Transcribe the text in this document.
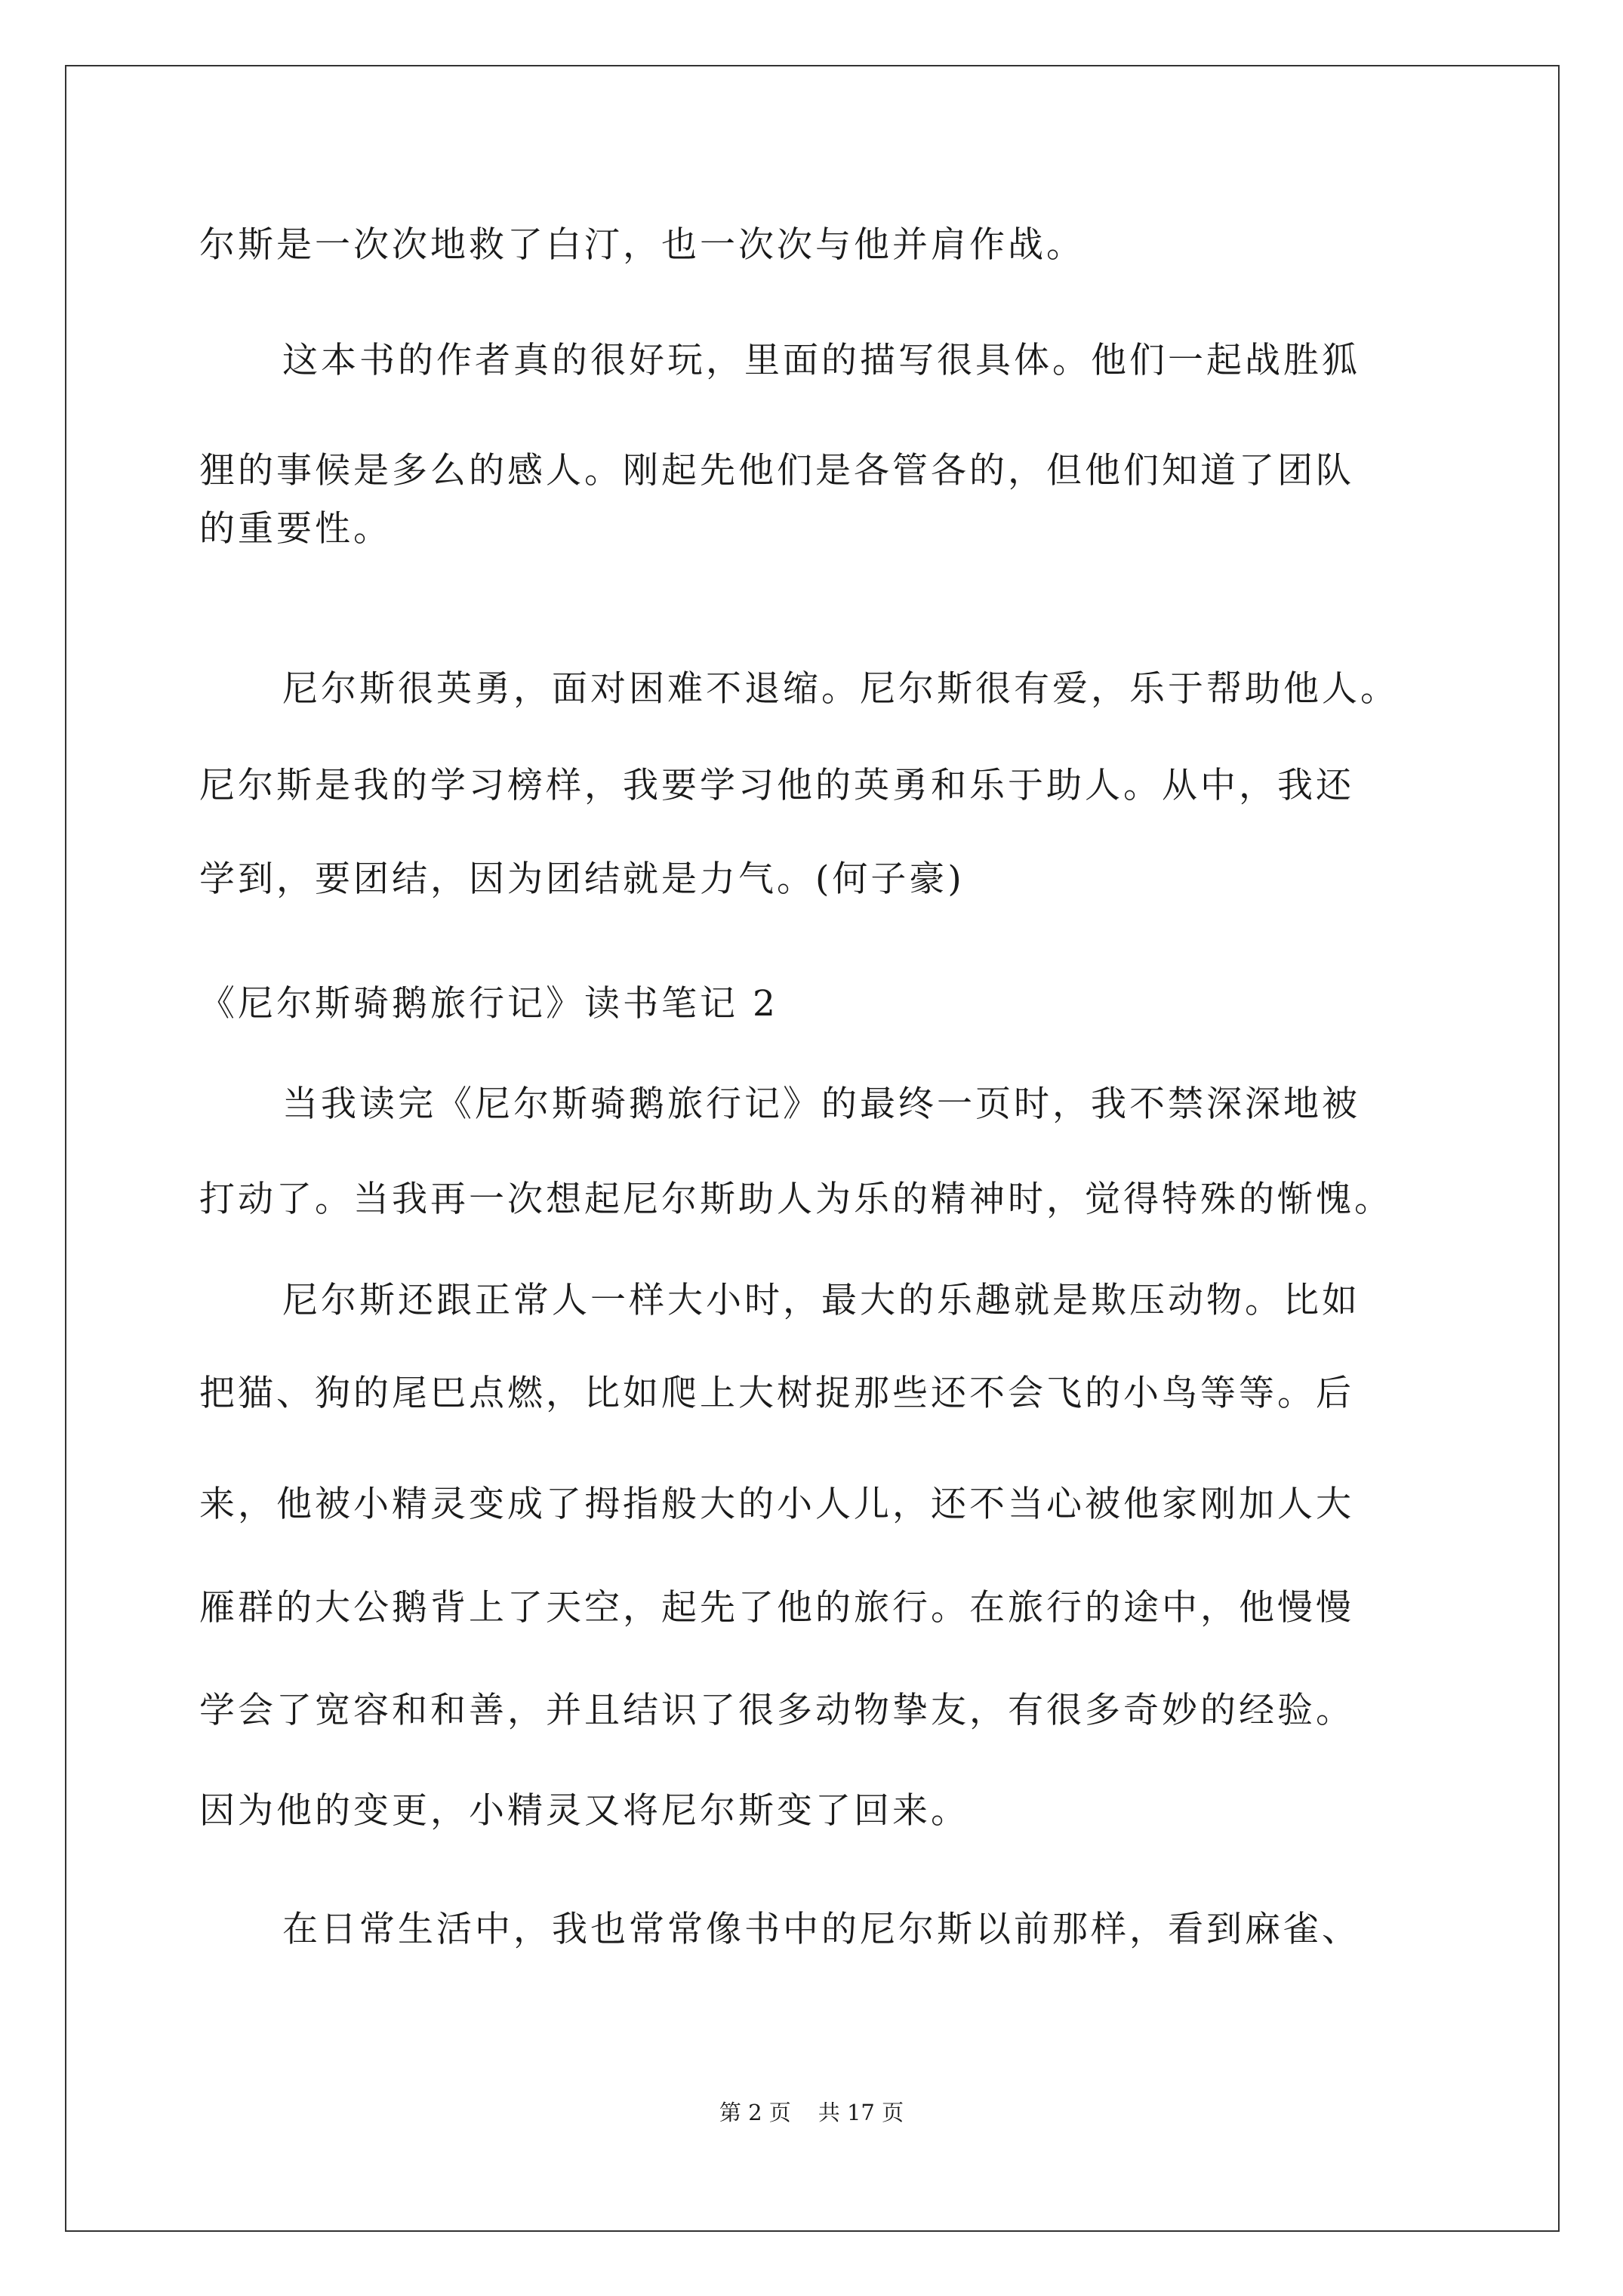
尔斯是一次次地救了白汀，也一次次与他并肩作战。
这本书的作者真的很好玩，里面的描写很具体。他们一起战胜狐
狸的事候是多么的感人。刚起先他们是各管各的，但他们知道了团队
的重要性。
尼尔斯很英勇，面对困难不退缩。尼尔斯很有爱，乐于帮助他人。
尼尔斯是我的学习榜样，我要学习他的英勇和乐于助人。从中，我还
学到，要团结，因为团结就是力气。(何子豪)
《尼尔斯骑鹅旅行记》读书笔记 2
当我读完《尼尔斯骑鹅旅行记》的最终一页时，我不禁深深地被
打动了。当我再一次想起尼尔斯助人为乐的精神时，觉得特殊的惭愧。
尼尔斯还跟正常人一样大小时，最大的乐趣就是欺压动物。比如
把猫、狗的尾巴点燃，比如爬上大树捉那些还不会飞的小鸟等等。后
来，他被小精灵变成了拇指般大的小人儿，还不当心被他家刚加人大
雁群的大公鹅背上了天空，起先了他的旅行。在旅行的途中，他慢慢
学会了宽容和和善，并且结识了很多动物挚友，有很多奇妙的经验。
因为他的变更，小精灵又将尼尔斯变了回来。
在日常生活中，我也常常像书中的尼尔斯以前那样，看到麻雀、
第 2 页 共 17 页
